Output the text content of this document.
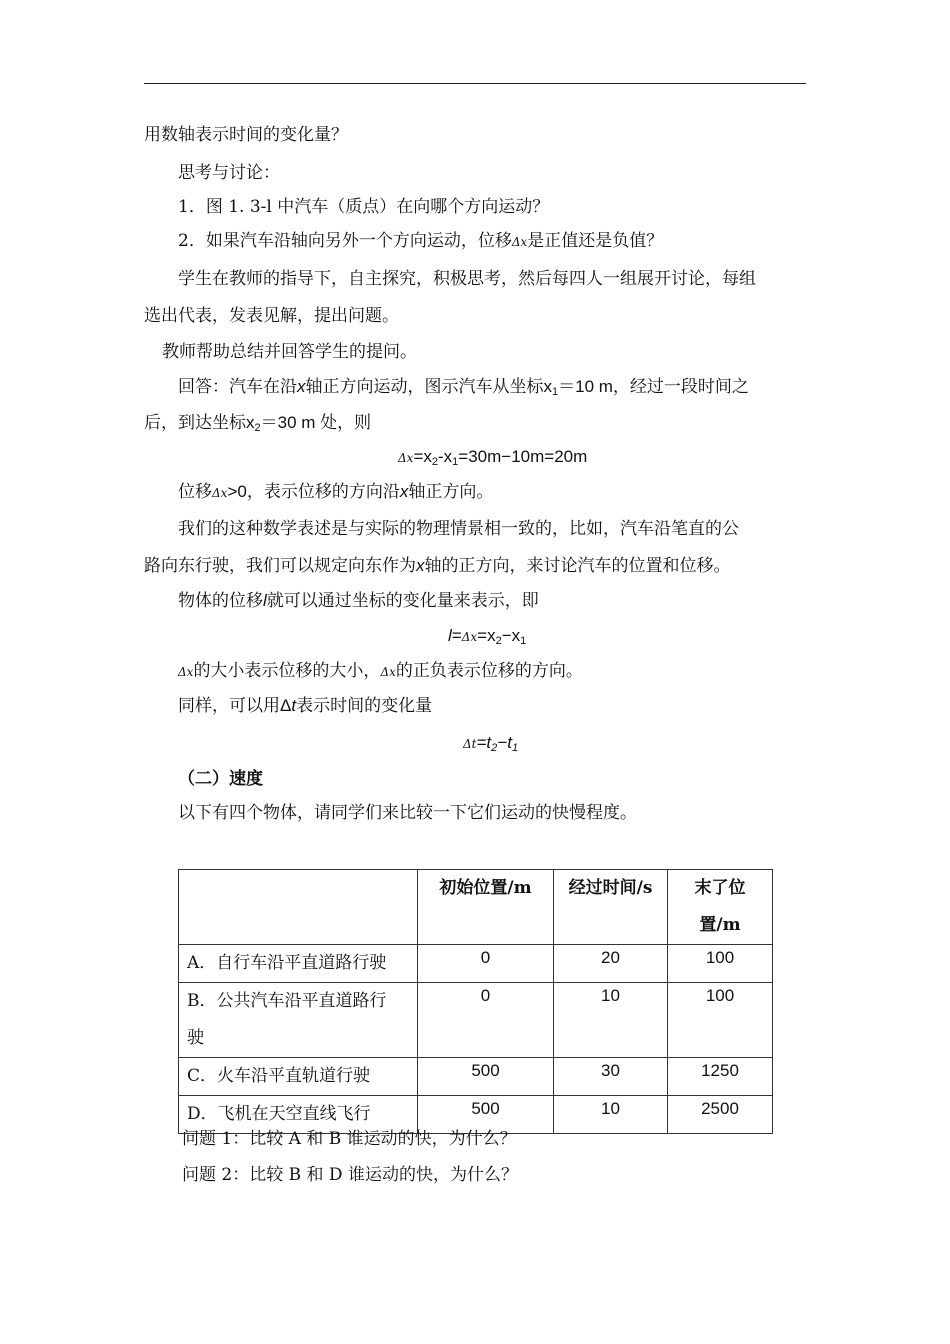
用数轴表示时间的变化量？
思考与讨论：
1．图 1. 3-l 中汽车（质点）在向哪个方向运动？
2．如果汽车沿轴向另外一个方向运动，位移Δx是正值还是负值？
学生在教师的指导下，自主探究，积极思考，然后每四人一组展开讨论，每组
选出代表，发表见解，提出问题。
教师帮助总结并回答学生的提问。
回答：汽车在沿x轴正方向运动，图示汽车从坐标$x_1=10$ m，经过一段时间之
后，到达坐标$x_2=30$ m 处，则
$\Delta x=x_2-x_1=30m-10m=20m$
位移Δx>0，表示位移的方向沿x轴正方向。
我们的这种数学表述是与实际的物理情景相一致的，比如，汽车沿笔直的公
路向东行驶，我们可以规定向东作为x轴的正方向，来讨论汽车的位置和位移。
物体的位移l就可以通过坐标的变化量来表示，即
$l=\Delta x=x_2-x_1$
Δx的大小表示位移的大小，Δx的正负表示位移的方向。
同样，可以用Δt表示时间的变化量
$\Delta t=t_2-t_1$
（二）速度
以下有四个物体，请同学们来比较一下它们运动的快慢程度。
	初始位置/m	经过时间/s	末了位
置/m

A．自行车沿平直道路行驶	0	20	100

B．公共汽车沿平直道路行
驶	0	10	100
C．火车沿平直轨道行驶	500	30	1250
D．飞机在天空直线飞行	500	10	2500
问题 1：比较 A 和 B 谁运动的快，为什么？
问题 2：比较 B 和 D 谁运动的快，为什么？
